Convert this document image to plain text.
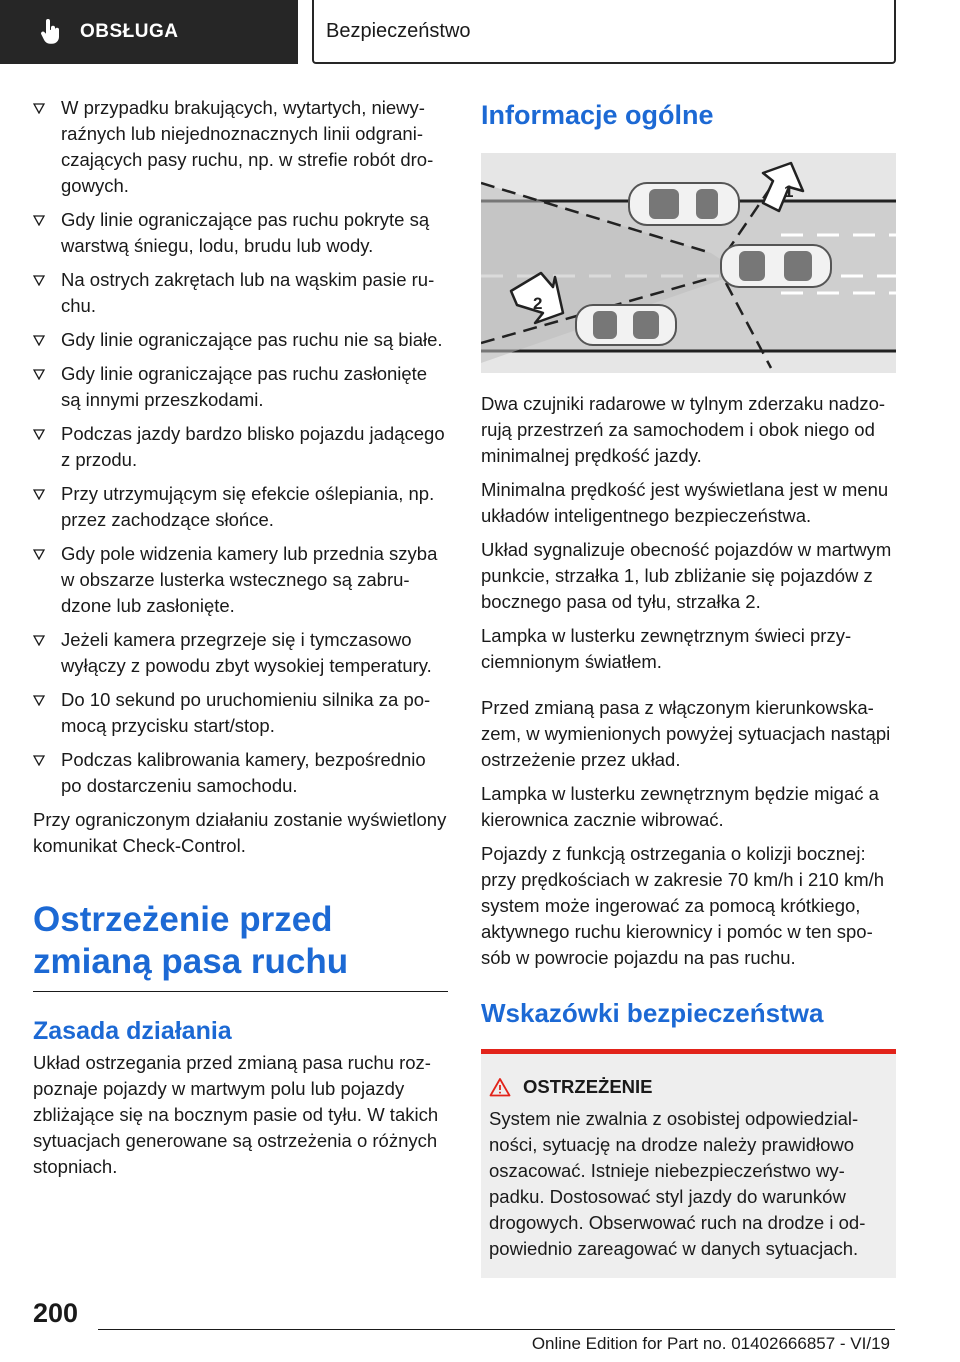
OBSŁUGA	Bezpieczeństwo
W przypadku brakujących, wytartych, niewyraźnych lub niejednoznacznych linii odgraniczających pasy ruchu, np. w strefie robót drogowych.
Gdy linie ograniczające pas ruchu pokryte są warstwą śniegu, lodu, brudu lub wody.
Na ostrych zakrętach lub na wąskim pasie ruchu.
Gdy linie ograniczające pas ruchu nie są białe.
Gdy linie ograniczające pas ruchu zasłonięte są innymi przeszkodami.
Podczas jazdy bardzo blisko pojazdu jadącego z przodu.
Przy utrzymującym się efekcie oślepiania, np. przez zachodzące słońce.
Gdy pole widzenia kamery lub przednia szyba w obszarze lusterka wstecznego są zabrudzone lub zasłonięte.
Jeżeli kamera przegrzeje się i tymczasowo wyłączy z powodu zbyt wysokiej temperatury.
Do 10 sekund po uruchomieniu silnika za pomocą przycisku start/stop.
Podczas kalibrowania kamery, bezpośrednio po dostarczeniu samochodu.

Przy ograniczonym działaniu zostanie wyświetlony komunikat Check-Control.

Ostrzeżenie przed zmianą pasa ruchu
Zasada działania

Układ ostrzegania przed zmianą pasa ruchu rozpoznaje pojazdy w martwym polu lub pojazdy zbliżające się na bocznym pasie od tyłu. W takich sytuacjach generowane są ostrzeżenia o różnych stopniach.

Informacje ogólne
1
2

Dwa czujniki radarowe w tylnym zderzaku nadzorują przestrzeń za samochodem i obok niego od minimalnej prędkość jazdy.

Minimalna prędkość jest wyświetlana jest w menu układów inteligentnego bezpieczeństwa.

Układ sygnalizuje obecność pojazdów w martwym punkcie, strzałka 1, lub zbliżanie się pojazdów z bocznego pasa od tyłu, strzałka 2.

Lampka w lusterku zewnętrznym świeci przyciemnionym światłem.

Przed zmianą pasa z włączonym kierunkowskazem, w wymienionych powyżej sytuacjach nastąpi ostrzeżenie przez układ.

Lampka w lusterku zewnętrznym będzie migać a kierownica zacznie wibrować.

Pojazdy z funkcją ostrzegania o kolizji bocznej: przy prędkościach w zakresie 70 km/h i 210 km/h system może ingerować za pomocą krótkiego, aktywnego ruchu kierownicy i pomóc w ten sposób w powrocie pojazdu na pas ruchu.

Wskazówki bezpieczeństwa
OSTRZEŻENIE

System nie zwalnia z osobistej odpowiedzialności, sytuację na drodze należy prawidłowo oszacować. Istnieje niebezpieczeństwo wypadku. Dostosować styl jazdy do warunków drogowych. Obserwować ruch na drodze i odpowiednio zareagować w danych sytuacjach.

200
Online Edition for Part no. 01402666857 - VI/19
